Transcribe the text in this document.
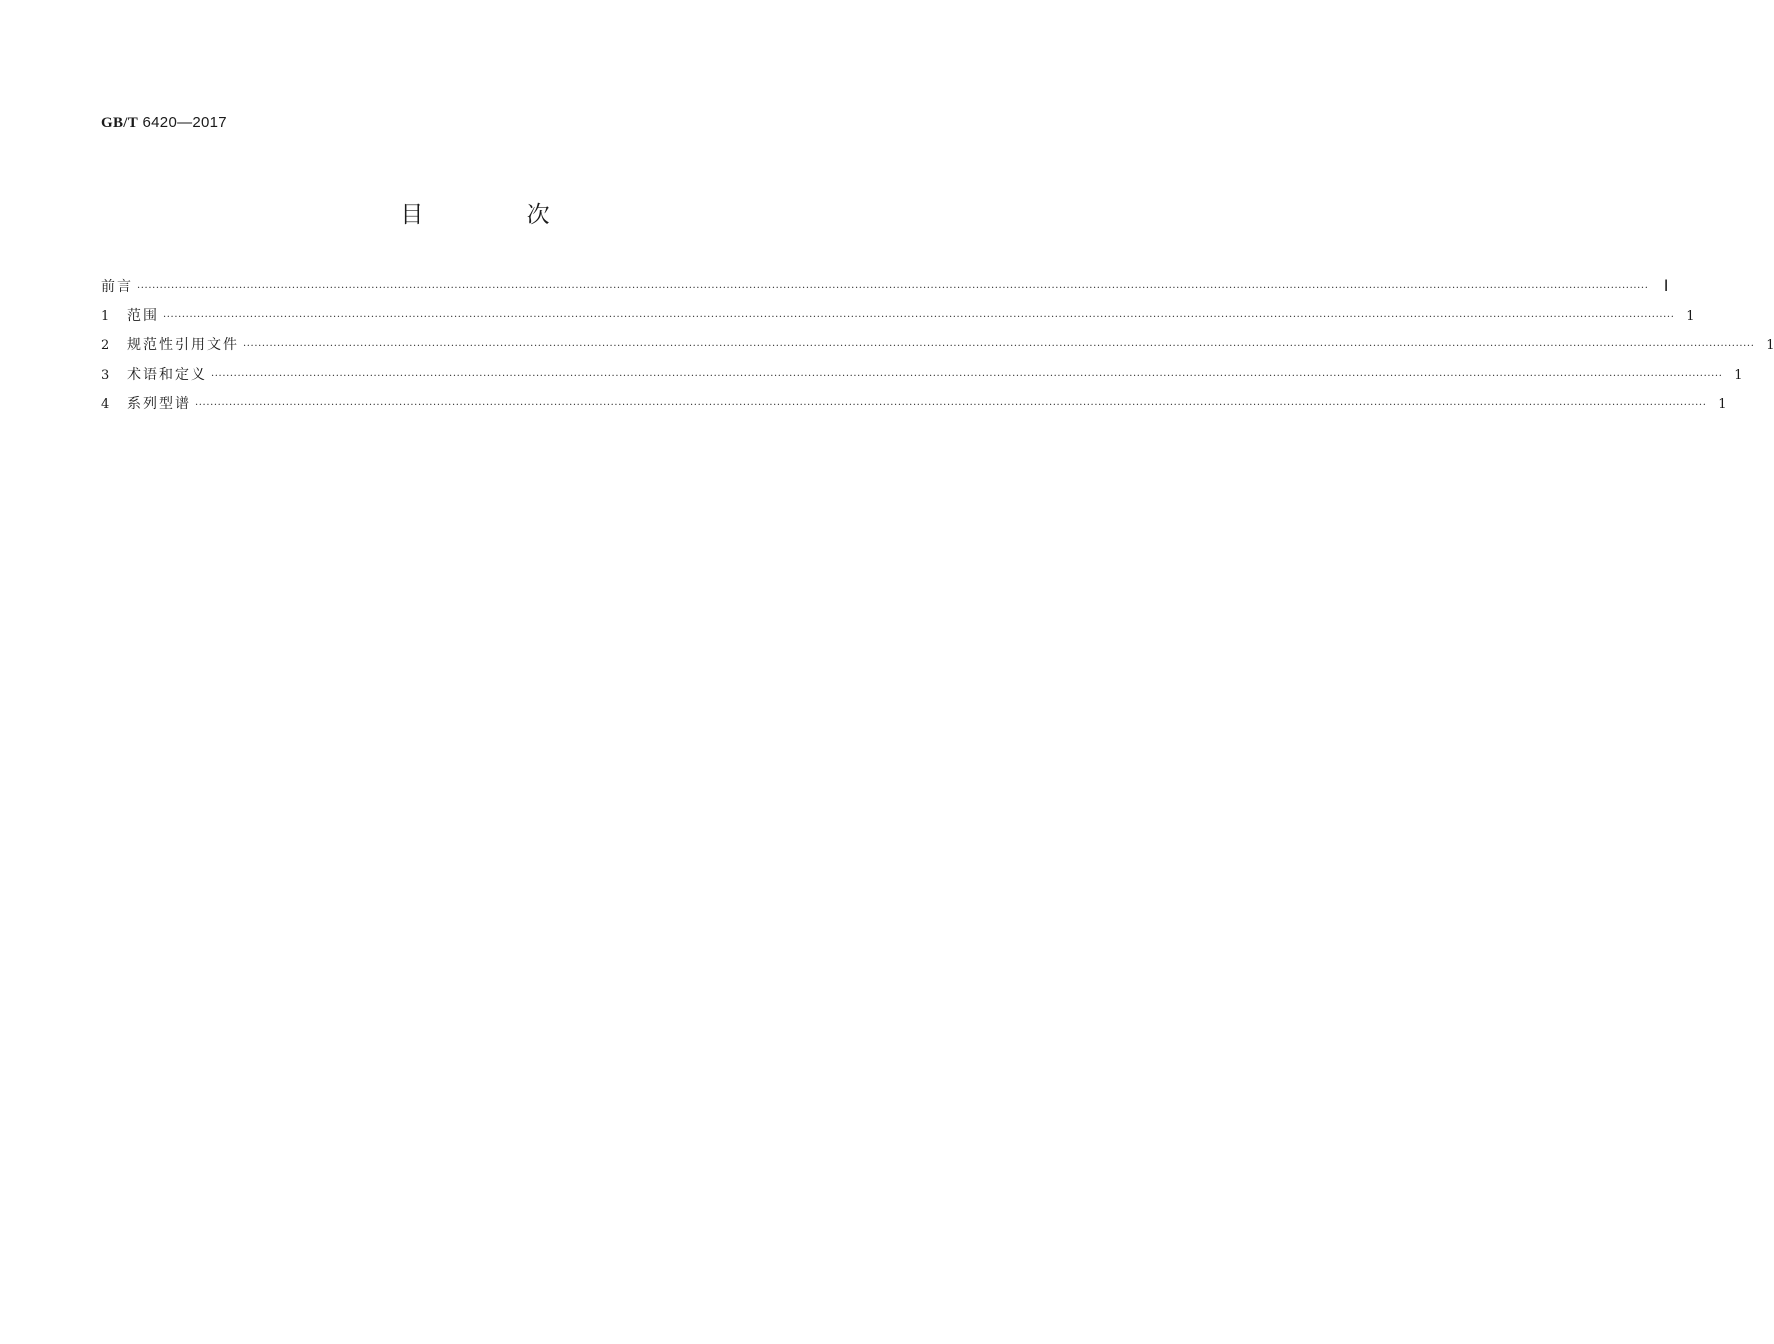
GB/T 6420—2017
目 次
前言 ················································································································································································································································································································································································································ Ⅰ
1	范围 ················································································································································································································································································································································································································ 1
2	规范性引用文件 ················································································································································································································································································································································································································ 1
3	术语和定义 ················································································································································································································································································································································································································ 1
4	系列型谱 ················································································································································································································································································································································································································ 1
